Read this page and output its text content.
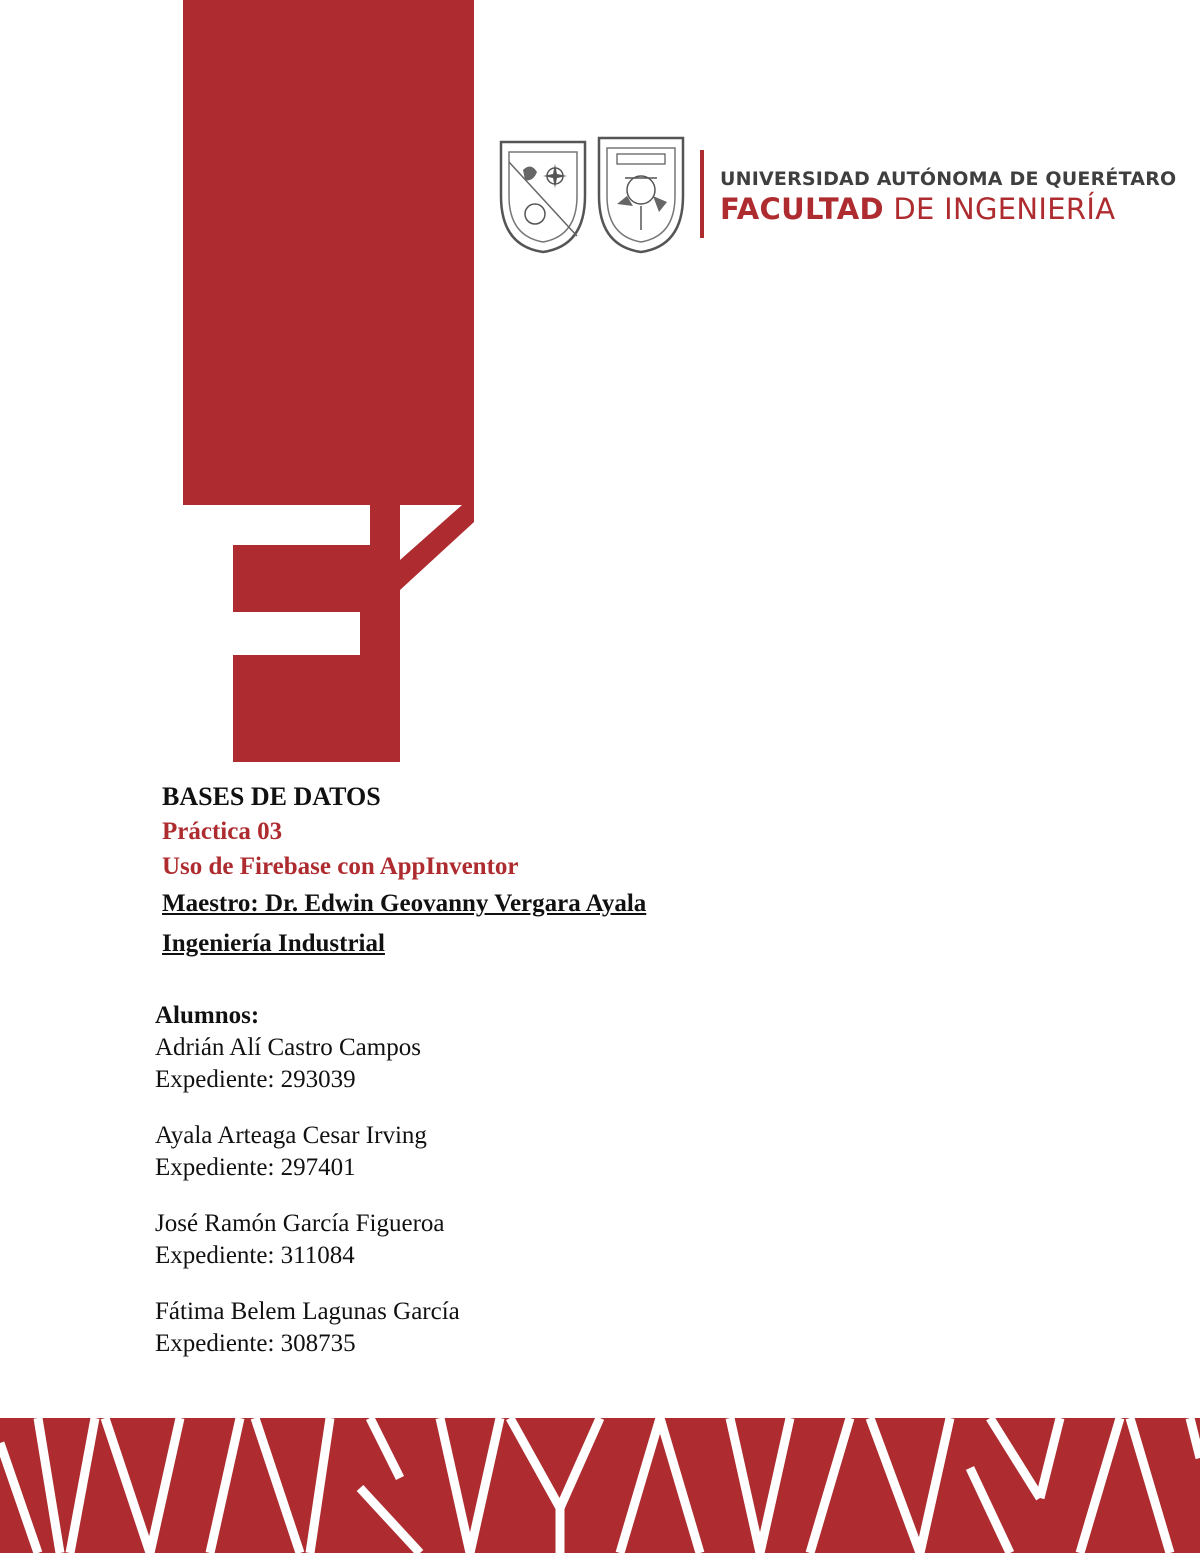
UNIVERSIDAD AUTÓNOMA DE QUERÉTARO
FACULTAD DE INGENIERÍA

BASES DE DATOS

Práctica 03

Uso de Firebase con AppInventor

Maestro: Dr. Edwin Geovanny Vergara Ayala

Ingeniería Industrial

Alumnos:
Adrián Alí Castro Campos
Expediente: 293039
Ayala Arteaga Cesar Irving
Expediente: 297401
José Ramón García Figueroa
Expediente: 311084
Fátima Belem Lagunas García
Expediente: 308735
